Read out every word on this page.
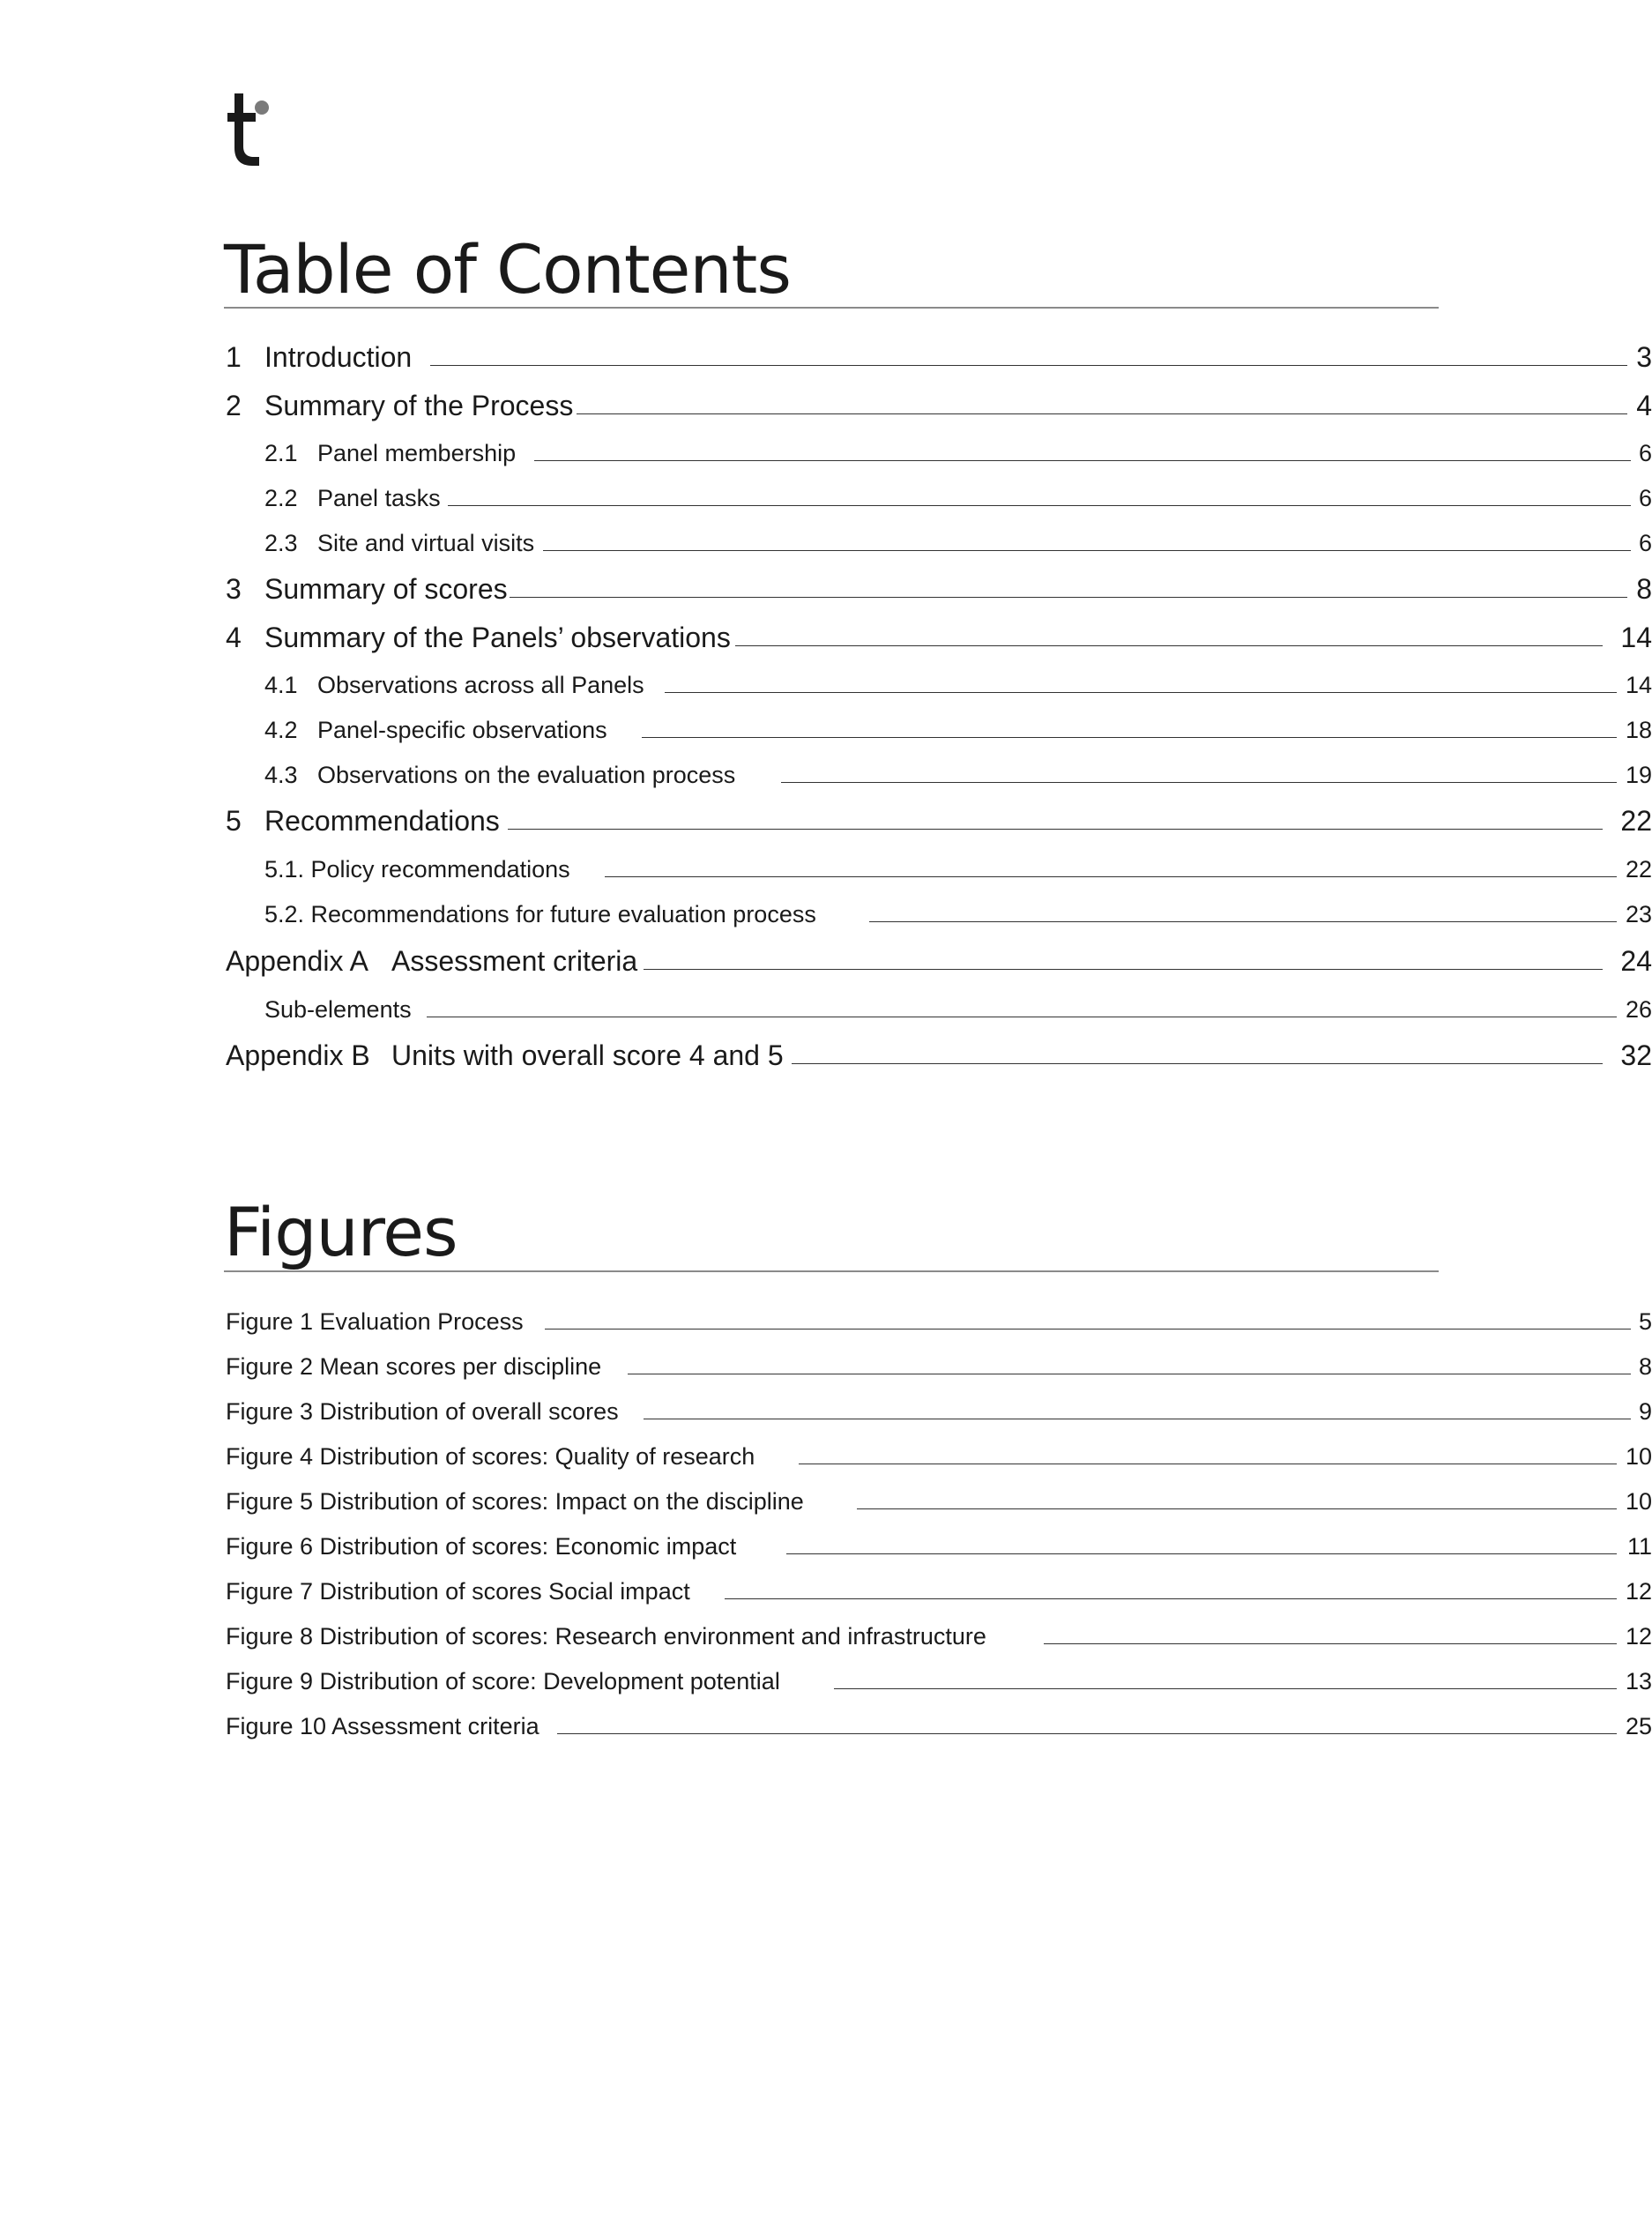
Table of Contents
1 Introduction	3
2 Summary of the Process	4
2.1 Panel membership	6
2.2 Panel tasks	6
2.3 Site and virtual visits	6
3 Summary of scores	8
4 Summary of the Panels’ observations	14
4.1 Observations across all Panels	14
4.2 Panel-specific observations	18
4.3 Observations on the evaluation process	19
5 Recommendations	22
5.1. Policy recommendations	22
5.2. Recommendations for future evaluation process	23
Appendix A Assessment criteria	24
Sub-elements	26
Appendix B Units with overall score 4 and 5	32
Figures
Figure 1 Evaluation Process	5
Figure 2 Mean scores per discipline	8
Figure 3 Distribution of overall scores	9
Figure 4 Distribution of scores: Quality of research	10
Figure 5 Distribution of scores: Impact on the discipline	10
Figure 6 Distribution of scores: Economic impact	11
Figure 7 Distribution of scores Social impact	12
Figure 8 Distribution of scores: Research environment and infrastructure	12
Figure 9 Distribution of score: Development potential	13
Figure 10 Assessment criteria	25
